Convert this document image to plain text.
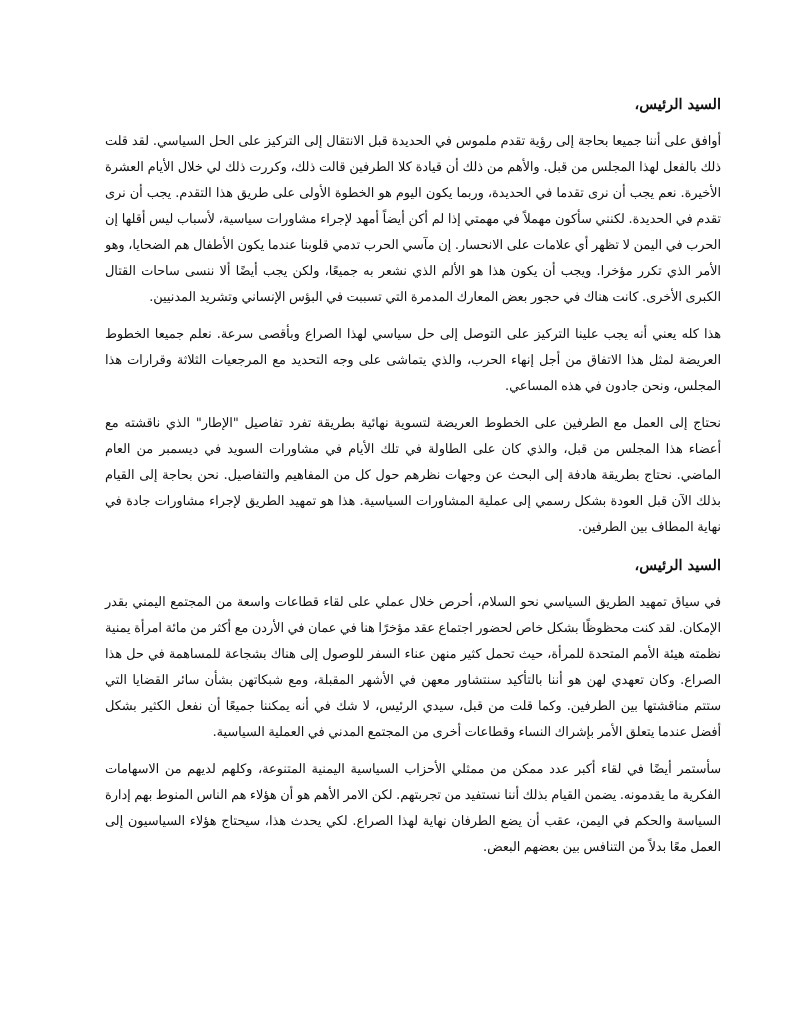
السيد الرئيس،

أوافق على أننا جميعا بحاجة إلى رؤية تقدم ملموس في الحديدة قبل الانتقال إلى التركيز على الحل السياسي. لقد قلت ذلك بالفعل لهذا المجلس من قبل. والأهم من ذلك أن قيادة كلا الطرفين قالت ذلك، وكررت ذلك لي خلال الأيام العشرة الأخيرة. نعم يجب أن نرى تقدما في الحديدة، وربما يكون اليوم هو الخطوة الأولى على طريق هذا التقدم. يجب أن نرى تقدم في الحديدة. لكنني سأكون مهملاً في مهمتي إذا لم أكن أيضاً أمهد لإجراء مشاورات سياسية، لأسباب ليس أقلها إن الحرب في اليمن لا تظهر أي علامات على الانحسار. إن مآسي الحرب تدمي قلوبنا عندما يكون الأطفال هم الضحايا، وهو الأمر الذي تكرر مؤخرا. ويجب أن يكون هذا هو الألم الذي نشعر به جميعًا، ولكن يجب أيضًا ألا ننسى ساحات القتال الكبرى الأخرى. كانت هناك في حجور بعض المعارك المدمرة التي تسببت في البؤس الإنساني وتشريد المدنيين.

هذا كله يعني أنه يجب علينا التركيز على التوصل إلى حل سياسي لهذا الصراع وبأقصى سرعة. نعلم جميعا الخطوط العريضة لمثل هذا الاتفاق من أجل إنهاء الحرب، والذي يتماشى على وجه التحديد مع المرجعيات الثلاثة وقرارات هذا المجلس، ونحن جادون في هذه المساعي.

نحتاج إلى العمل مع الطرفين على الخطوط العريضة لتسوية نهائية بطريقة تفرد تفاصيل "الإطار" الذي ناقشته مع أعضاء هذا المجلس من قبل، والذي كان على الطاولة في تلك الأيام في مشاورات السويد في ديسمبر من العام الماضي. نحتاج بطريقة هادفة إلى البحث عن وجهات نظرهم حول كل من المفاهيم والتفاصيل. نحن بحاجة إلى القيام بذلك الآن قبل العودة بشكل رسمي إلى عملية المشاورات السياسية. هذا هو تمهيد الطريق لإجراء مشاورات جادة في نهاية المطاف بين الطرفين.

السيد الرئيس،

في سياق تمهيد الطريق السياسي نحو السلام، أحرص خلال عملي على لقاء قطاعات واسعة من المجتمع اليمني بقدر الإمكان. لقد كنت محظوظًا بشكل خاص لحضور اجتماع عقد مؤخرًا هنا في عمان في الأردن مع أكثر من مائة امرأة يمنية نظمته هيئة الأمم المتحدة للمرأة، حيث تحمل كثير منهن عناء السفر للوصول إلى هناك بشجاعة للمساهمة في حل هذا الصراع. وكان تعهدي لهن هو أننا بالتأكيد سنتشاور معهن في الأشهر المقبلة، ومع شبكاتهن بشأن سائر القضايا التي ستتم مناقشتها بين الطرفين. وكما قلت من قبل، سيدي الرئيس، لا شك في أنه يمكننا جميعًا أن نفعل الكثير بشكل أفضل عندما يتعلق الأمر بإشراك النساء وقطاعات أخرى من المجتمع المدني في العملية السياسية.

سأستمر أيضًا في لقاء أكبر عدد ممكن من ممثلي الأحزاب السياسية اليمنية المتنوعة، وكلهم لديهم من الاسهامات الفكرية ما يقدمونه. يضمن القيام بذلك أننا نستفيد من تجربتهم. لكن الامر الأهم هو أن هؤلاء هم الناس المنوط بهم إدارة السياسة والحكم في اليمن، عقب أن يضع الطرفان نهاية لهذا الصراع. لكي يحدث هذا، سيحتاج هؤلاء السياسيون إلى العمل معًا بدلاً من التنافس بين بعضهم البعض.
